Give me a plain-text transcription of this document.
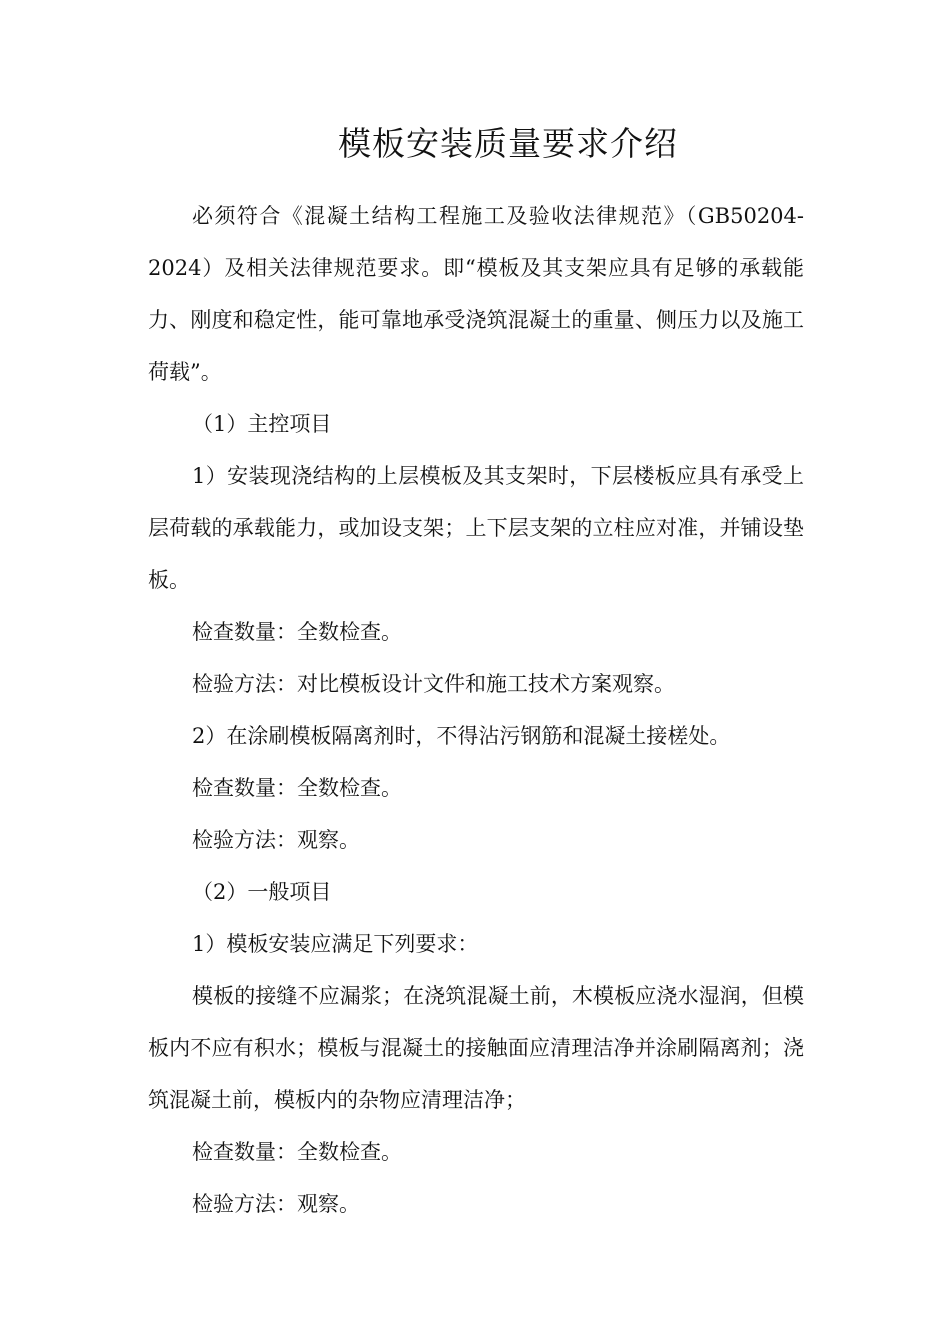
模板安装质量要求介绍

必须符合《混凝土结构工程施工及验收法律规范》（GB50204-2024）及相关法律规范要求。即“模板及其支架应具有足够的承载能力、刚度和稳定性，能可靠地承受浇筑混凝土的重量、侧压力以及施工荷载”。

（1）主控项目

1）安装现浇结构的上层模板及其支架时，下层楼板应具有承受上层荷载的承载能力，或加设支架；上下层支架的立柱应对准，并铺设垫板。

检查数量：全数检查。

检验方法：对比模板设计文件和施工技术方案观察。

2）在涂刷模板隔离剂时，不得沾污钢筋和混凝土接槎处。

检查数量：全数检查。

检验方法：观察。

（2）一般项目

1）模板安装应满足下列要求：

模板的接缝不应漏浆；在浇筑混凝土前，木模板应浇水湿润，但模板内不应有积水；模板与混凝土的接触面应清理洁净并涂刷隔离剂；浇筑混凝土前，模板内的杂物应清理洁净；

检查数量：全数检查。

检验方法：观察。
